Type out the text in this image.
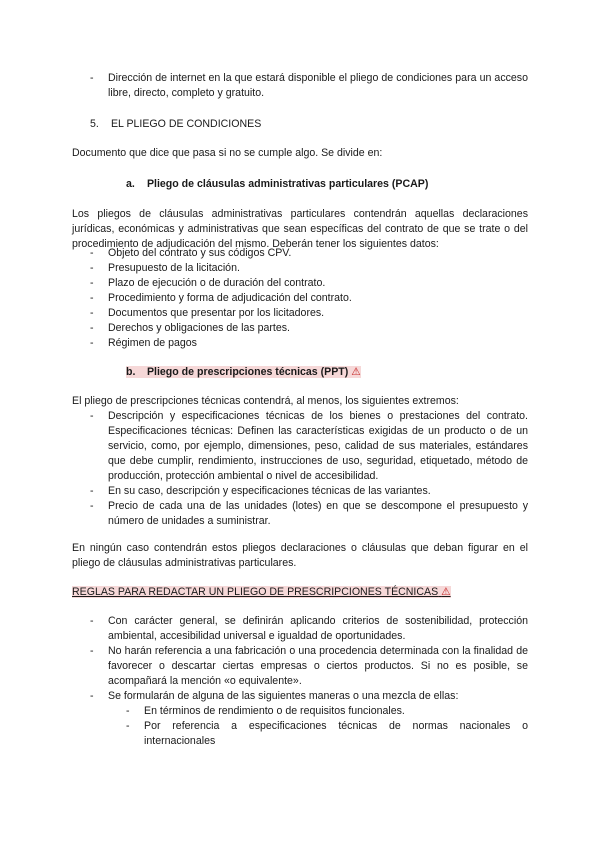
- Dirección de internet en la que estará disponible el pliego de condiciones para un acceso libre, directo, completo y gratuito.
5. EL PLIEGO DE CONDICIONES

Documento que dice que pasa si no se cumple algo. Se divide en:

a. Pliego de cláusulas administrativas particulares (PCAP)

Los pliegos de cláusulas administrativas particulares contendrán aquellas declaraciones jurídicas, económicas y administrativas que sean específicas del contrato de que se trate o del procedimiento de adjudicación del mismo. Deberán tener los siguientes datos:

- Objeto del contrato y sus códigos CPV.
- Presupuesto de la licitación.
- Plazo de ejecución o de duración del contrato.
- Procedimiento y forma de adjudicación del contrato.
- Documentos que presentar por los licitadores.
- Derechos y obligaciones de las partes.
- Régimen de pagos
b. Pliego de prescripciones técnicas (PPT) ⚠

El pliego de prescripciones técnicas contendrá, al menos, los siguientes extremos:

- Descripción y especificaciones técnicas de los bienes o prestaciones del contrato. Especificaciones técnicas: Definen las características exigidas de un producto o de un servicio, como, por ejemplo, dimensiones, peso, calidad de sus materiales, estándares que debe cumplir, rendimiento, instrucciones de uso, seguridad, etiquetado, método de producción, protección ambiental o nivel de accesibilidad.
- En su caso, descripción y especificaciones técnicas de las variantes.
- Precio de cada una de las unidades (lotes) en que se descompone el presupuesto y número de unidades a suministrar.

En ningún caso contendrán estos pliegos declaraciones o cláusulas que deban figurar en el pliego de cláusulas administrativas particulares.

REGLAS PARA REDACTAR UN PLIEGO DE PRESCRIPCIONES TÉCNICAS ⚠
- Con carácter general, se definirán aplicando criterios de sostenibilidad, protección ambiental, accesibilidad universal e igualdad de oportunidades.
- No harán referencia a una fabricación o una procedencia determinada con la finalidad de favorecer o descartar ciertas empresas o ciertos productos. Si no es posible, se acompañará la mención «o equivalente».
- Se formularán de alguna de las siguientes maneras o una mezcla de ellas:
- En términos de rendimiento o de requisitos funcionales.
- Por referencia a especificaciones técnicas de normas nacionales o internacionales
